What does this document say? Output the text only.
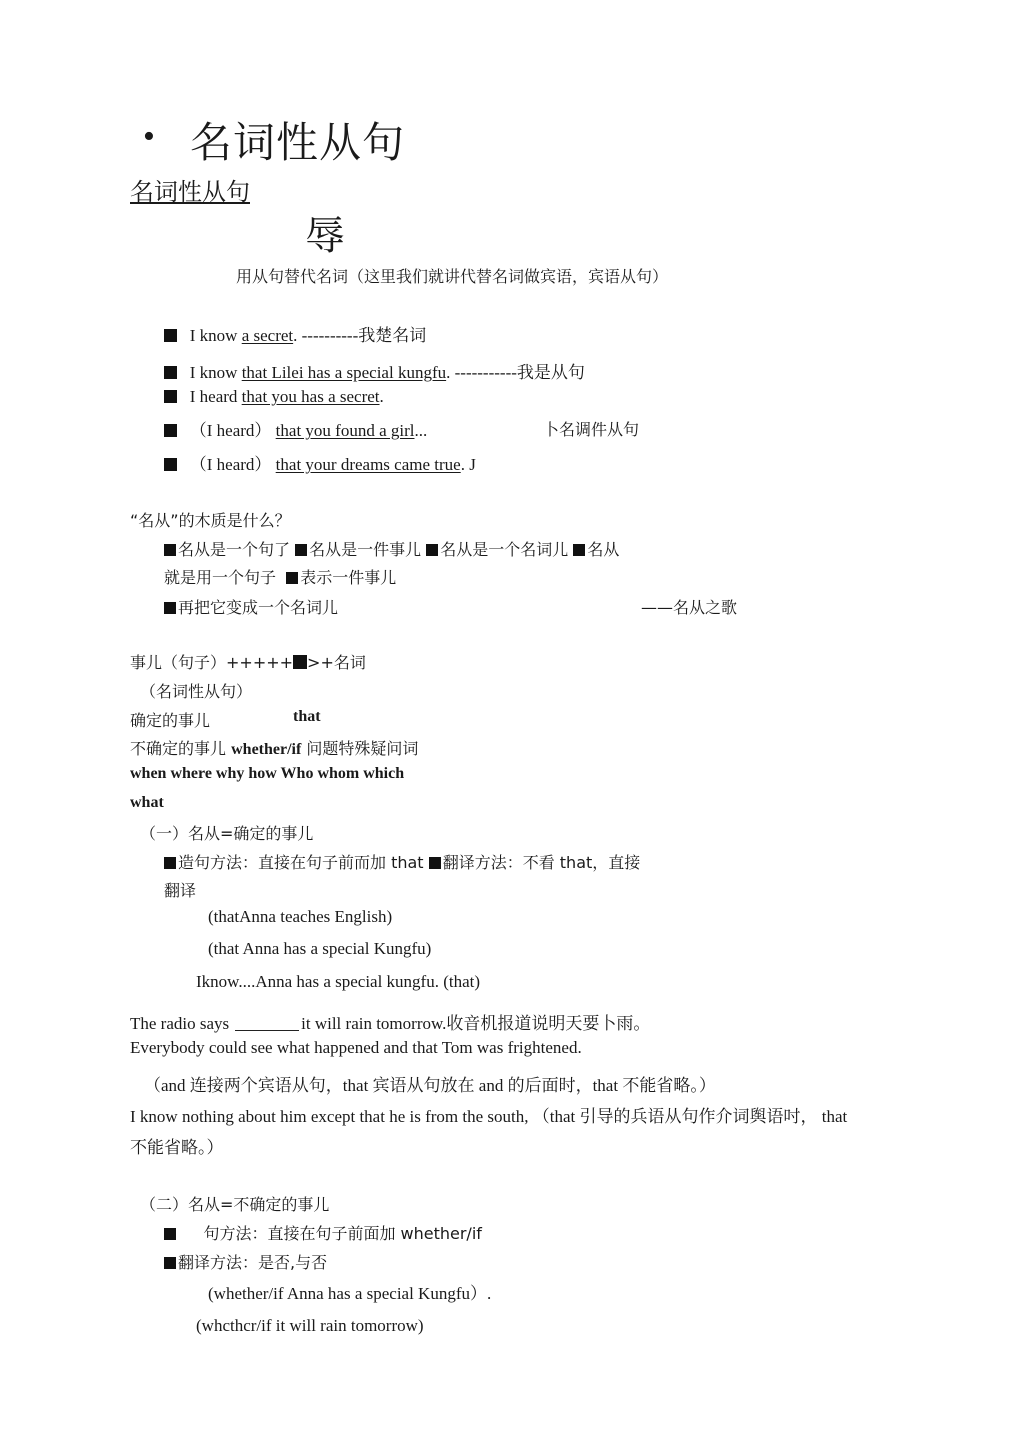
• 名词性从句
名词性从句
辱
用从句替代名词（这里我们就讲代替名词做宾语，宾语从句）
I know a secret. ----------我楚名词
I know that Lilei has a special kungfu. -----------我是从句
I heard that you has a secret.
（I heard） that you found a girl...	卜名调件从句
（I heard） that your dreams came true. J
“名从”的木质是什么？
名从是一个句了 名从是一件事儿 名从是一个名词儿 名从
就是用一个句子 表示一件事儿
再把它变成一个名词儿	——名从之歌
事儿（句子）+++++ >+名词
（名词性从句）
确定的事儿	that
不确定的事儿 whether/if 问题特殊疑问词
when where why how Who whom which
what
（一）名从=确定的事儿
造句方法：直接在句子前而加 that 翻译方法：不看 that，直接
翻译
(thatAnna teaches English)
(that Anna has a special Kungfu)
Iknow....Anna has a special kungfu. (that)
The radio says	it will rain tomorrow.收音机报道说明天要卜雨。
Everybody could see what happened and that Tom was frightened.
（and 连接两个宾语从句，that 宾语从句放在 and 的后面时，that 不能省略。）
I know nothing about him except that he is from the south, （that 引导的兵语从句作介词舆语吋， that
不能省略。）
（二）名从=不确定的事儿
句方法：直接在句子前面加 whether/if
翻译方法：是否,与否
(whether/if Anna has a special Kungfu）.
(whcthcr/if it will rain tomorrow)
